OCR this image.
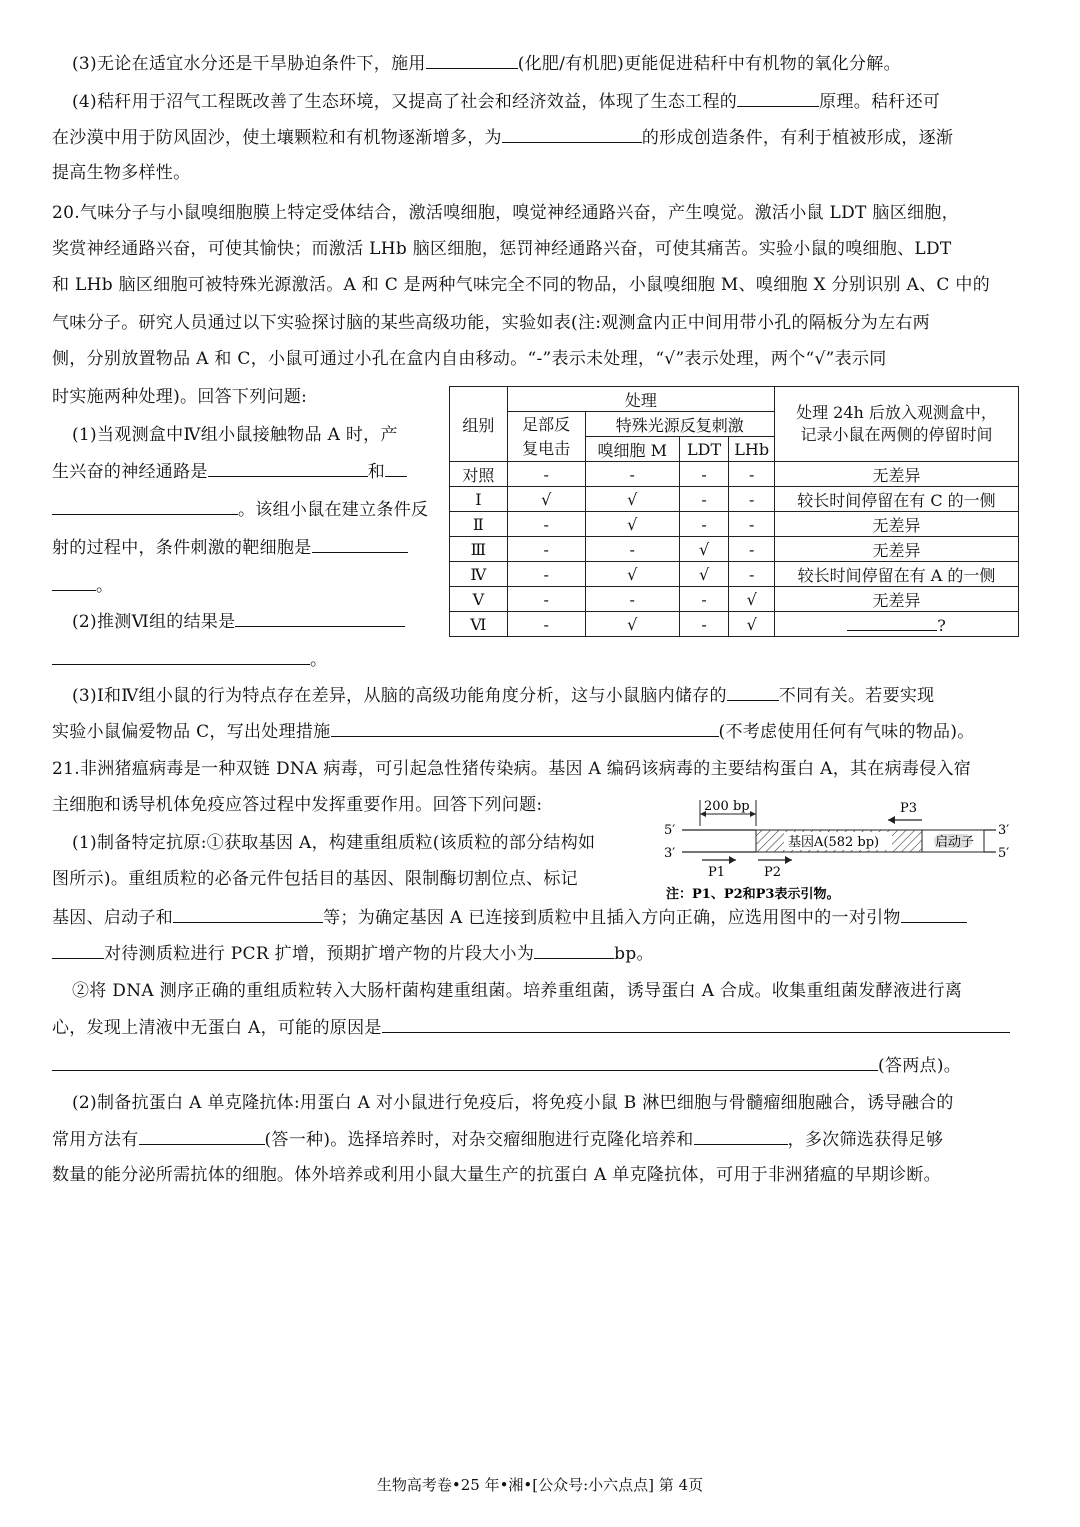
(3)无论在适宜水分还是干旱胁迫条件下，施用	(化肥/有机肥)更能促进秸秆中有机物的氧化分解。
(4)秸秆用于沼气工程既改善了生态环境，又提高了社会和经济效益，体现了生态工程的	原理。秸秆还可
在沙漠中用于防风固沙，使土壤颗粒和有机物逐渐增多，为	的形成创造条件，有利于植被形成，逐渐
提高生物多样性。
20.气味分子与小鼠嗅细胞膜上特定受体结合，激活嗅细胞，嗅觉神经通路兴奋，产生嗅觉。激活小鼠 LDT 脑区细胞，
奖赏神经通路兴奋，可使其愉快；而激活 LHb 脑区细胞，惩罚神经通路兴奋，可使其痛苦。实验小鼠的嗅细胞、LDT
和 LHb 脑区细胞可被特殊光源激活。A 和 C 是两种气味完全不同的物品，小鼠嗅细胞 M、嗅细胞 X 分别识别 A、C 中的
气味分子。研究人员通过以下实验探讨脑的某些高级功能，实验如表(注:观测盒内正中间用带小孔的隔板分为左右两
侧，分别放置物品 A 和 C，小鼠可通过小孔在盒内自由移动。“-”表示未处理，“√”表示处理，两个“√”表示同
时实施两种处理)。回答下列问题:
(1)当观测盒中Ⅳ组小鼠接触物品 A 时，产
生兴奋的神经通路是	和
。该组小鼠在建立条件反
射的过程中，条件刺激的靶细胞是
。
(2)推测Ⅵ组的结果是
。
组别	处理				处理 24h 后放入观测盒中，
记录小鼠在两侧的停留时间
	足部反
复电击	特殊光源反复刺激			
		嗅细胞 M	LDT	LHb	
对照	-	-	-	-	无差异
Ⅰ	√	√	-	-	较长时间停留在有 C 的一侧
Ⅱ	-	√	-	-	无差异
Ⅲ	-	-	√	-	无差异
Ⅳ	-	√	√	-	较长时间停留在有 A 的一侧
Ⅴ	-	-	-	√	无差异
Ⅵ	-	√	-	√	?
(3)Ⅰ和Ⅳ组小鼠的行为特点存在差异，从脑的高级功能角度分析，这与小鼠脑内储存的	不同有关。若要实现
实验小鼠偏爱物品 C，写出处理措施	(不考虑使用任何有气味的物品)。
21.非洲猪瘟病毒是一种双链 DNA 病毒，可引起急性猪传染病。基因 A 编码该病毒的主要结构蛋白 A，其在病毒侵入宿
主细胞和诱导机体免疫应答过程中发挥重要作用。回答下列问题:
(1)制备特定抗原:①获取基因 A，构建重组质粒(该质粒的部分结构如
图所示)。重组质粒的必备元件包括目的基因、限制酶切割位点、标记
基因、启动子和	等；为确定基因 A 已连接到质粒中且插入方向正确，应选用图中的一对引物
对待测质粒进行 PCR 扩增，预期扩增产物的片段大小为	bp。
②将 DNA 测序正确的重组质粒转入大肠杆菌构建重组菌。培养重组菌，诱导蛋白 A 合成。收集重组菌发酵液进行离
心，发现上清液中无蛋白 A，可能的原因是
(答两点)。
(2)制备抗蛋白 A 单克隆抗体:用蛋白 A 对小鼠进行免疫后，将免疫小鼠 B 淋巴细胞与骨髓瘤细胞融合，诱导融合的
常用方法有	(答一种)。选择培养时，对杂交瘤细胞进行克隆化培养和	，多次筛选获得足够
数量的能分泌所需抗体的细胞。体外培养或利用小鼠大量生产的抗蛋白 A 单克隆抗体，可用于非洲猪瘟的早期诊断。
200 bp	P3
5′
3′
基因A(582 bp)	启动子
3′
5′
P1	P2
注：P1、P2和P3表示引物。
生物高考卷•25 年•湘•[公众号:小六点点] 第 4页
